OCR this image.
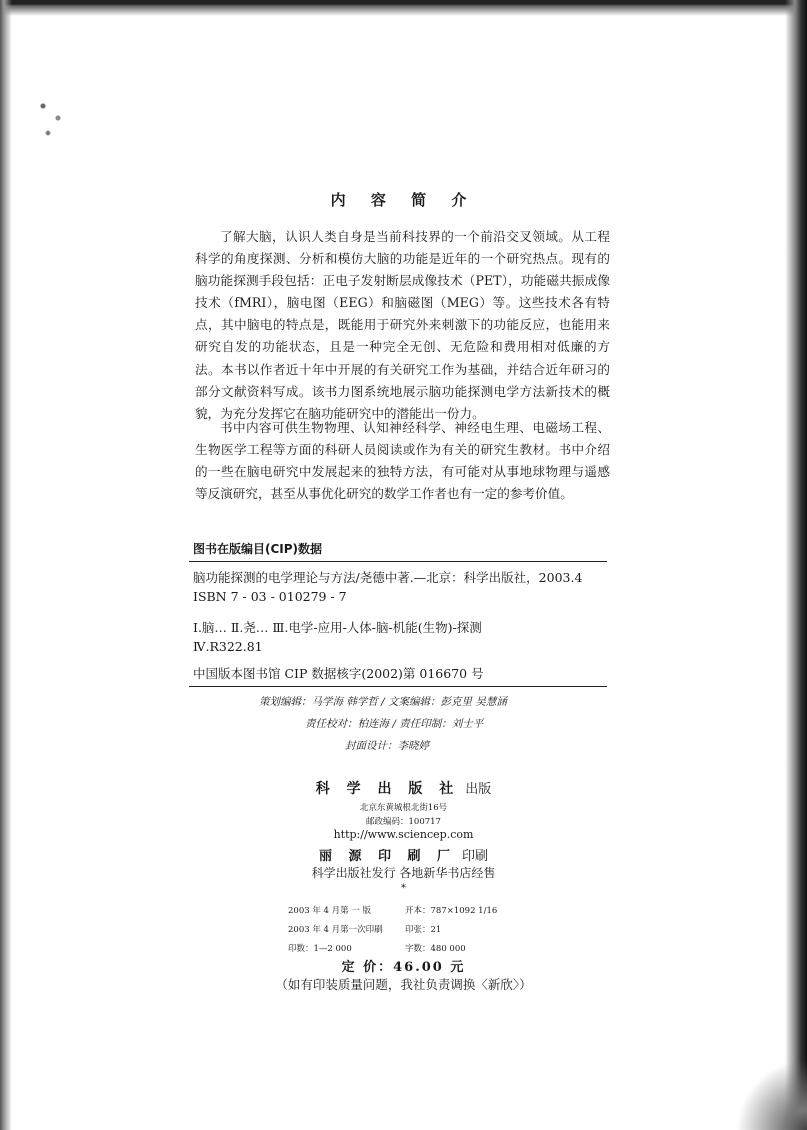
内 容 简 介

了解大脑，认识人类自身是当前科技界的一个前沿交叉领域。从工程科学的角度探测、分析和模仿大脑的功能是近年的一个研究热点。现有的脑功能探测手段包括：正电子发射断层成像技术（PET），功能磁共振成像技术（fMRI），脑电图（EEG）和脑磁图（MEG）等。这些技术各有特点，其中脑电的特点是，既能用于研究外来刺激下的功能反应，也能用来研究自发的功能状态，且是一种完全无创、无危险和费用相对低廉的方法。本书以作者近十年中开展的有关研究工作为基础，并结合近年研习的部分文献资料写成。该书力图系统地展示脑功能探测电学方法新技术的概貌，为充分发挥它在脑功能研究中的潜能出一份力。

书中内容可供生物物理、认知神经科学、神经电生理、电磁场工程、生物医学工程等方面的科研人员阅读或作为有关的研究生教材。书中介绍的一些在脑电研究中发展起来的独特方法，有可能对从事地球物理与遥感等反演研究，甚至从事优化研究的数学工作者也有一定的参考价值。

图书在版编目(CIP)数据
脑功能探测的电学理论与方法/尧德中著.—北京：科学出版社，2003.4
ISBN 7 - 03 - 010279 - 7
Ⅰ.脑… Ⅱ.尧… Ⅲ.电学-应用-人体-脑-机能(生物)-探测
Ⅳ.R322.81
中国版本图书馆 CIP 数据核字(2002)第 016670 号
策划编辑：马学海 韩学哲 / 文案编辑：彭克里 吴慧涵
责任校对：柏连海 / 责任印制：刘士平
封面设计：李晓婷
科 学 出 版 社 出版
北京东黄城根北街16号
邮政编码：100717
http://www.sciencep.com
丽 源 印 刷 厂 印刷
科学出版社发行 各地新华书店经售
*
2003 年 4 月第 一 版	开本：787×1092 1/16
2003 年 4 月第一次印刷	印张：21
印数：1—2 000	字数：480 000
定 价：46.00 元
（如有印装质量问题，我社负责调换〈新欣〉）
